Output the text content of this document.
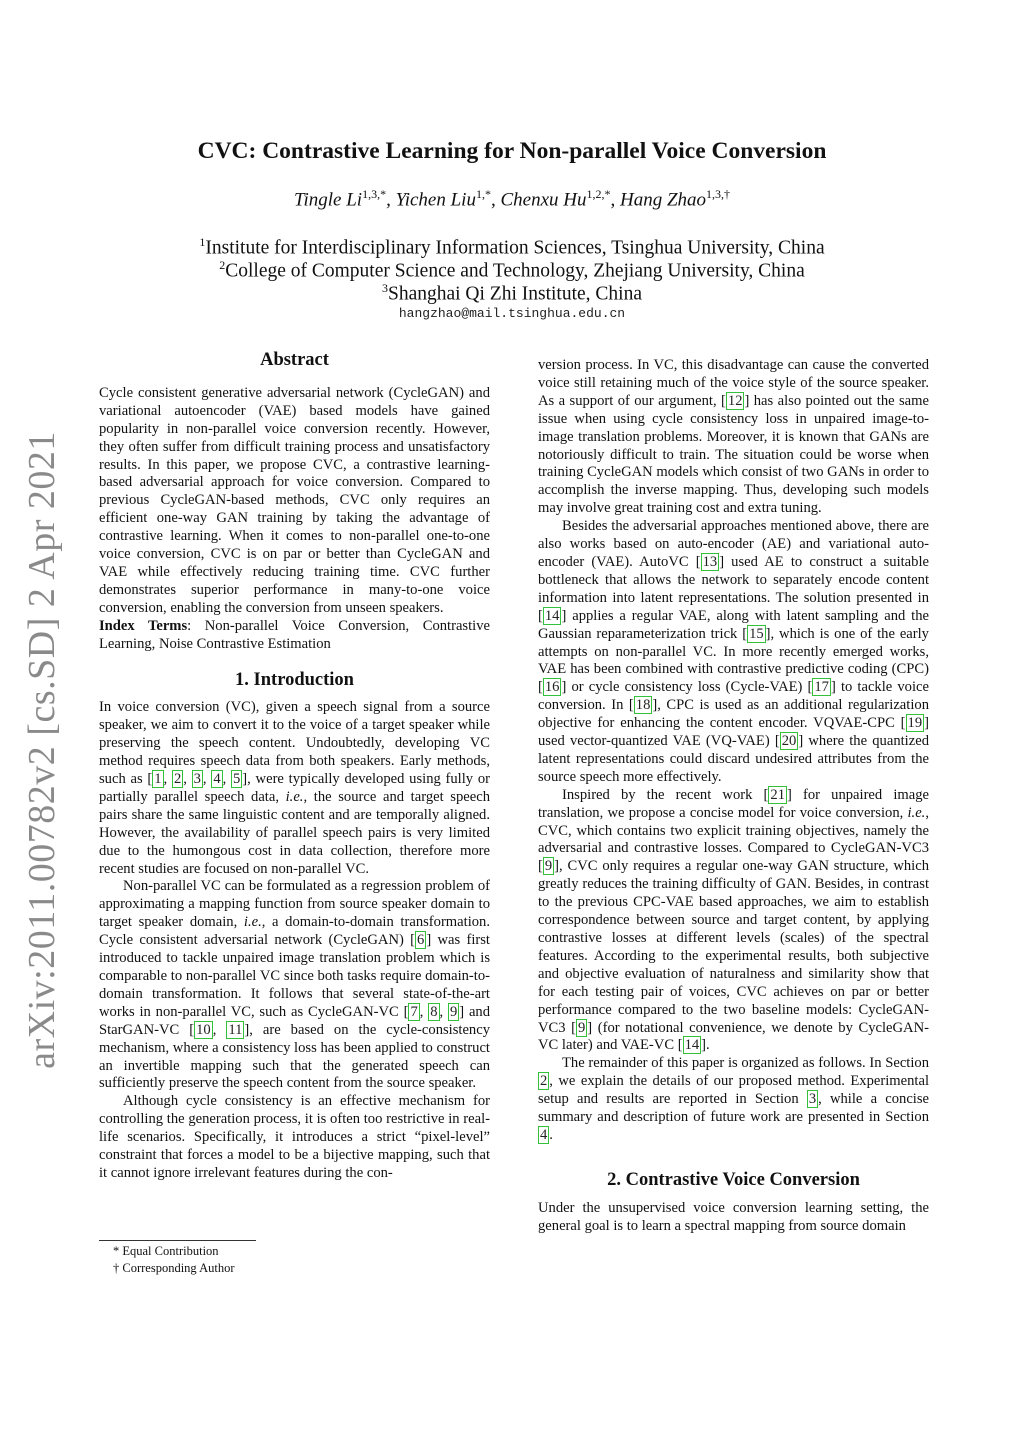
arXiv:2011.00782v2 [cs.SD] 2 Apr 2021
CVC: Contrastive Learning for Non-parallel Voice Conversion
Tingle $Li^{1,3,*}$, Yichen Liu$^{1,*}$, Chenxu $Hu^{1,2,*}$, Hang Zhao$^{1,3,\dagger}$
$^1$Institute for Interdisciplinary Information Sciences, Tsinghua University, China
$^2$College of Computer Science and Technology, Zhejiang University, China
$^3$Shanghai Qi Zhi Institute, China
hangzhao@mail.tsinghua.edu.cn
Abstract

Cycle consistent generative adversarial network (CycleGAN) and variational autoencoder (VAE) based models have gained popularity in non-parallel voice conversion recently. However, they often suffer from difficult training process and unsatisfactory results. In this paper, we propose CVC, a contrastive learning-based adversarial approach for voice conversion. Compared to previous CycleGAN-based methods, CVC only requires an efficient one-way GAN training by taking the advantage of contrastive learning. When it comes to non-parallel one-to-one voice conversion, CVC is on par or better than CycleGAN and VAE while effectively reducing training time. CVC further demonstrates superior performance in many-to-one voice conversion, enabling the conversion from unseen speakers.

Index Terms: Non-parallel Voice Conversion, Contrastive Learning, Noise Contrastive Estimation

1. Introduction

In voice conversion (VC), given a speech signal from a source speaker, we aim to convert it to the voice of a target speaker while preserving the speech content. Undoubtedly, developing VC method requires speech data from both speakers. Early methods, such as [ 1 , 2 , 3 , 4 , 5 ], were typically developed using fully or partially parallel speech data, i.e., the source and target speech pairs share the same linguistic content and are temporally aligned. However, the availability of parallel speech pairs is very limited due to the humongous cost in data collection, therefore more recent studies are focused on non-parallel VC.

Non-parallel VC can be formulated as a regression problem of approximating a mapping function from source speaker domain to target speaker domain, i.e., a domain-to-domain transformation. Cycle consistent adversarial network (CycleGAN) [ 6 ] was first introduced to tackle unpaired image translation problem which is comparable to non-parallel VC since both tasks require domain-to-domain transformation. It follows that several state-of-the-art works in non-parallel VC, such as CycleGAN-VC [ 7 , 8 , 9 ] and StarGAN-VC [ 10 , 11 ], are based on the cycle-consistency mechanism, where a consistency loss has been applied to construct an invertible mapping such that the generated speech can sufficiently preserve the speech content from the source speaker.

Although cycle consistency is an effective mechanism for controlling the generation process, it is often too restrictive in real-life scenarios. Specifically, it introduces a strict “pixel-level” constraint that forces a model to be a bijective mapping, such that it cannot ignore irrelevant features during the con-

* Equal Contribution
† Corresponding Author

version process. In VC, this disadvantage can cause the converted voice still retaining much of the voice style of the source speaker. As a support of our argument, [ 12 ] has also pointed out the same issue when using cycle consistency loss in unpaired image-to-image translation problems. Moreover, it is known that GANs are notoriously difficult to train. The situation could be worse when training CycleGAN models which consist of two GANs in order to accomplish the inverse mapping. Thus, developing such models may involve great training cost and extra tuning.

Besides the adversarial approaches mentioned above, there are also works based on auto-encoder (AE) and variational auto-encoder (VAE). AutoVC [ 13 ] used AE to construct a suitable bottleneck that allows the network to separately encode content information into latent representations. The solution presented in [ 14 ] applies a regular VAE, along with latent sampling and the Gaussian reparameterization trick [ 15 ], which is one of the early attempts on non-parallel VC. In more recently emerged works, VAE has been combined with contrastive predictive coding (CPC) [ 16 ] or cycle consistency loss (Cycle-VAE) [ 17 ] to tackle voice conversion. In [ 18 ], CPC is used as an additional regularization objective for enhancing the content encoder. VQVAE-CPC [ 19 ] used vector-quantized VAE (VQ-VAE) [ 20 ] where the quantized latent representations could discard undesired attributes from the source speech more effectively.

Inspired by the recent work [ 21 ] for unpaired image translation, we propose a concise model for voice conversion, i.e., CVC, which contains two explicit training objectives, namely the adversarial and contrastive losses. Compared to CycleGAN-VC3 [ 9 ], CVC only requires a regular one-way GAN structure, which greatly reduces the training difficulty of GAN. Besides, in contrast to the previous CPC-VAE based approaches, we aim to establish correspondence between source and target content, by applying contrastive losses at different levels (scales) of the spectral features. According to the experimental results, both subjective and objective evaluation of naturalness and similarity show that for each testing pair of voices, CVC achieves on par or better performance compared to the two baseline models: CycleGAN-VC3 [ 9 ] (for notational convenience, we denote by CycleGAN-VC later) and VAE-VC [ 14 ].

The remainder of this paper is organized as follows. In Section 2 , we explain the details of our proposed method. Experimental setup and results are reported in Section 3 , while a concise summary and description of future work are presented in Section 4 .

2. Contrastive Voice Conversion

Under the unsupervised voice conversion learning setting, the general goal is to learn a spectral mapping from source domain
